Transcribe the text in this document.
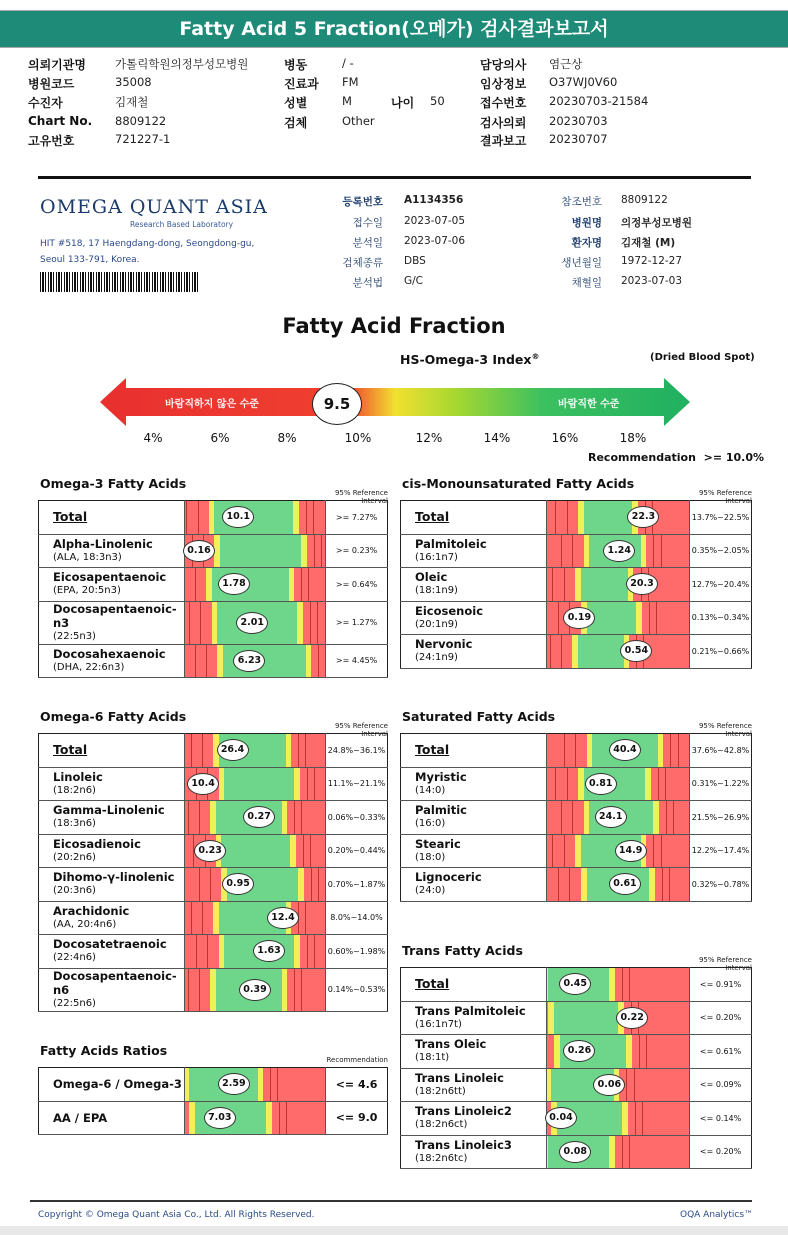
Fatty Acid 5 Fraction(오메가) 검사결과보고서
의뢰기관명	가톨릭학원의정부성모병원
병원코드	35008
수진자	김재철
Chart No. 8809122
고유번호	721227-1
병동	/ -
진료과 FM
성별	M
검체	Other
나이 50
담당의사 염근상
임상정보 O37WJ0V60
접수번호 20230703-21584
검사의뢰 20230703
결과보고 20230707
OMEGA QUANT ASIA
Research Based Laboratory
HIT #518, 17 Haengdang-dong, Seongdong-gu,
Seoul 133-791, Korea.
등록번호 A1134356
접수일 2023-07-05
분석일 2023-07-06
검체종류 DBS
분석법 G/C
참조번호 8809122
병원명 의정부성모병원
환자명 김재철 (M)
생년월일 1972-12-27
채혈일 2023-07-03
Fatty Acid Fraction
HS-Omega-3 Index®	(Dried Blood Spot)
바람직하지 않은 수준	바람직한 수준
9.5
4%	6%	8%	10%	12%	14%	16%	18%
Recommendation  >= 10.0%
Omega-3 Fatty Acids
95% Reference Interval
Total	10.1	>= 7.27%
Alpha-Linolenic
(ALA, 18:3n3)	0.16	>= 0.23%
Eicosapentaenoic
(EPA, 20:5n3)	1.78	>= 0.64%
Docosapentaenoic-n3
(22:5n3)	2.01	>= 1.27%
Docosahexaenoic
(DHA, 22:6n3)	6.23	>= 4.45%
cis-Monounsaturated Fatty Acids
95% Reference Interval
Total	22.3	13.7%~22.5%
Palmitoleic
(16:1n7)	1.24	0.35%~2.05%
Oleic
(18:1n9)	20.3	12.7%~20.4%
Eicosenoic
(20:1n9)	0.19	0.13%~0.34%
Nervonic
(24:1n9)	0.54	0.21%~0.66%
Omega-6 Fatty Acids
95% Reference Interval
Total	26.4	24.8%~36.1%
Linoleic
(18:2n6)	10.4	11.1%~21.1%
Gamma-Linolenic
(18:3n6)	0.27	0.06%~0.33%
Eicosadienoic
(20:2n6)	0.23	0.20%~0.44%
Dihomo-γ-linolenic
(20:3n6)	0.95	0.70%~1.87%
Arachidonic
(AA, 20:4n6)	12.4	8.0%~14.0%
Docosatetraenoic
(22:4n6)	1.63	0.60%~1.98%
Docosapentaenoic-n6
(22:5n6)	0.39	0.14%~0.53%
Saturated Fatty Acids
95% Reference Interval
Total	40.4	37.6%~42.8%
Myristic
(14:0)	0.81	0.31%~1.22%
Palmitic
(16:0)	24.1	21.5%~26.9%
Stearic
(18:0)	14.9	12.2%~17.4%
Lignoceric
(24:0)	0.61	0.32%~0.78%
Trans Fatty Acids
95% Reference Interval
Total	0.45	<= 0.91%
Trans Palmitoleic
(16:1n7t)	0.22	<= 0.20%
Trans Oleic
(18:1t)	0.26	<= 0.61%
Trans Linoleic
(18:2n6tt)	0.06	<= 0.09%
Trans Linoleic2
(18:2n6ct)	0.04	<= 0.14%
Trans Linoleic3
(18:2n6tc)	0.08	<= 0.20%
Fatty Acids Ratios
Recommendation
Omega-6 / Omega-3	2.59	<= 4.6
AA / EPA	7.03	<= 9.0
Copyright © Omega Quant Asia Co., Ltd. All Rights Reserved.	OQA Analytics™
